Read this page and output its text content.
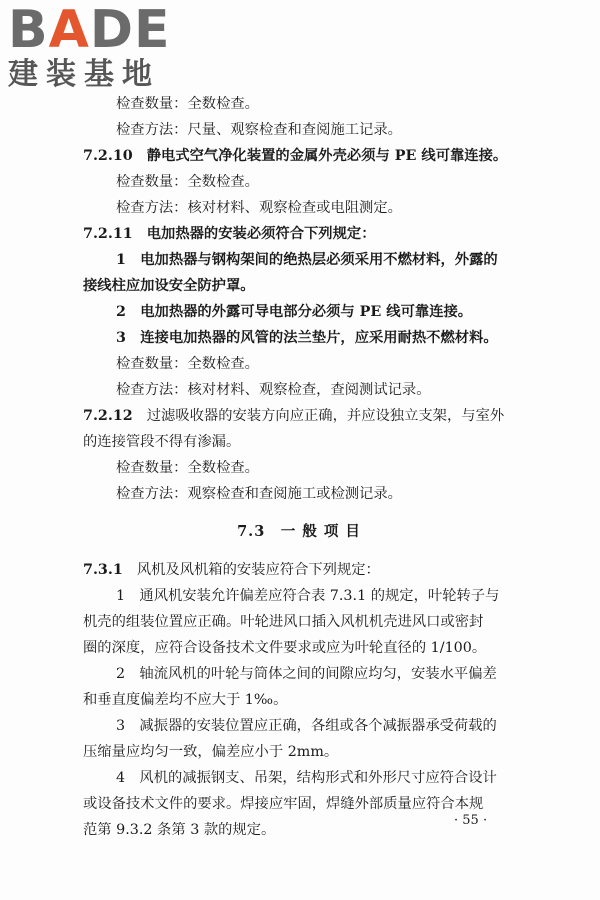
BADE
建装基地
检查数量：全数检查。
检查方法：尺量、观察检查和查阅施工记录。
7.2.10 静电式空气净化装置的金属外壳必须与 PE 线可靠连接。
检查数量：全数检查。
检查方法：核对材料、观察检查或电阻测定。
7.2.11 电加热器的安装必须符合下列规定：
1　电加热器与钢构架间的绝热层必须采用不燃材料，外露的
接线柱应加设安全防护罩。
2　电加热器的外露可导电部分必须与 PE 线可靠连接。
3　连接电加热器的风管的法兰垫片，应采用耐热不燃材料。
检查数量：全数检查。
检查方法：核对材料、观察检查，查阅测试记录。
7.2.12 过滤吸收器的安装方向应正确，并应设独立支架，与室外
的连接管段不得有渗漏。
检查数量：全数检查。
检查方法：观察检查和查阅施工或检测记录。
7.3　一 般 项 目
7.3.1 风机及风机箱的安装应符合下列规定：
1　通风机安装允许偏差应符合表 7.3.1 的规定，叶轮转子与
机壳的组装位置应正确。叶轮进风口插入风机机壳进风口或密封
圈的深度，应符合设备技术文件要求或应为叶轮直径的 1/100。
2　轴流风机的叶轮与筒体之间的间隙应均匀，安装水平偏差
和垂直度偏差均不应大于 1‰。
3　减振器的安装位置应正确，各组或各个减振器承受荷载的
压缩量应均匀一致，偏差应小于 2mm。
4　风机的减振钢支、吊架，结构形式和外形尺寸应符合设计
或设备技术文件的要求。焊接应牢固，焊缝外部质量应符合本规
范第 9.3.2 条第 3 款的规定。
· 55 ·
